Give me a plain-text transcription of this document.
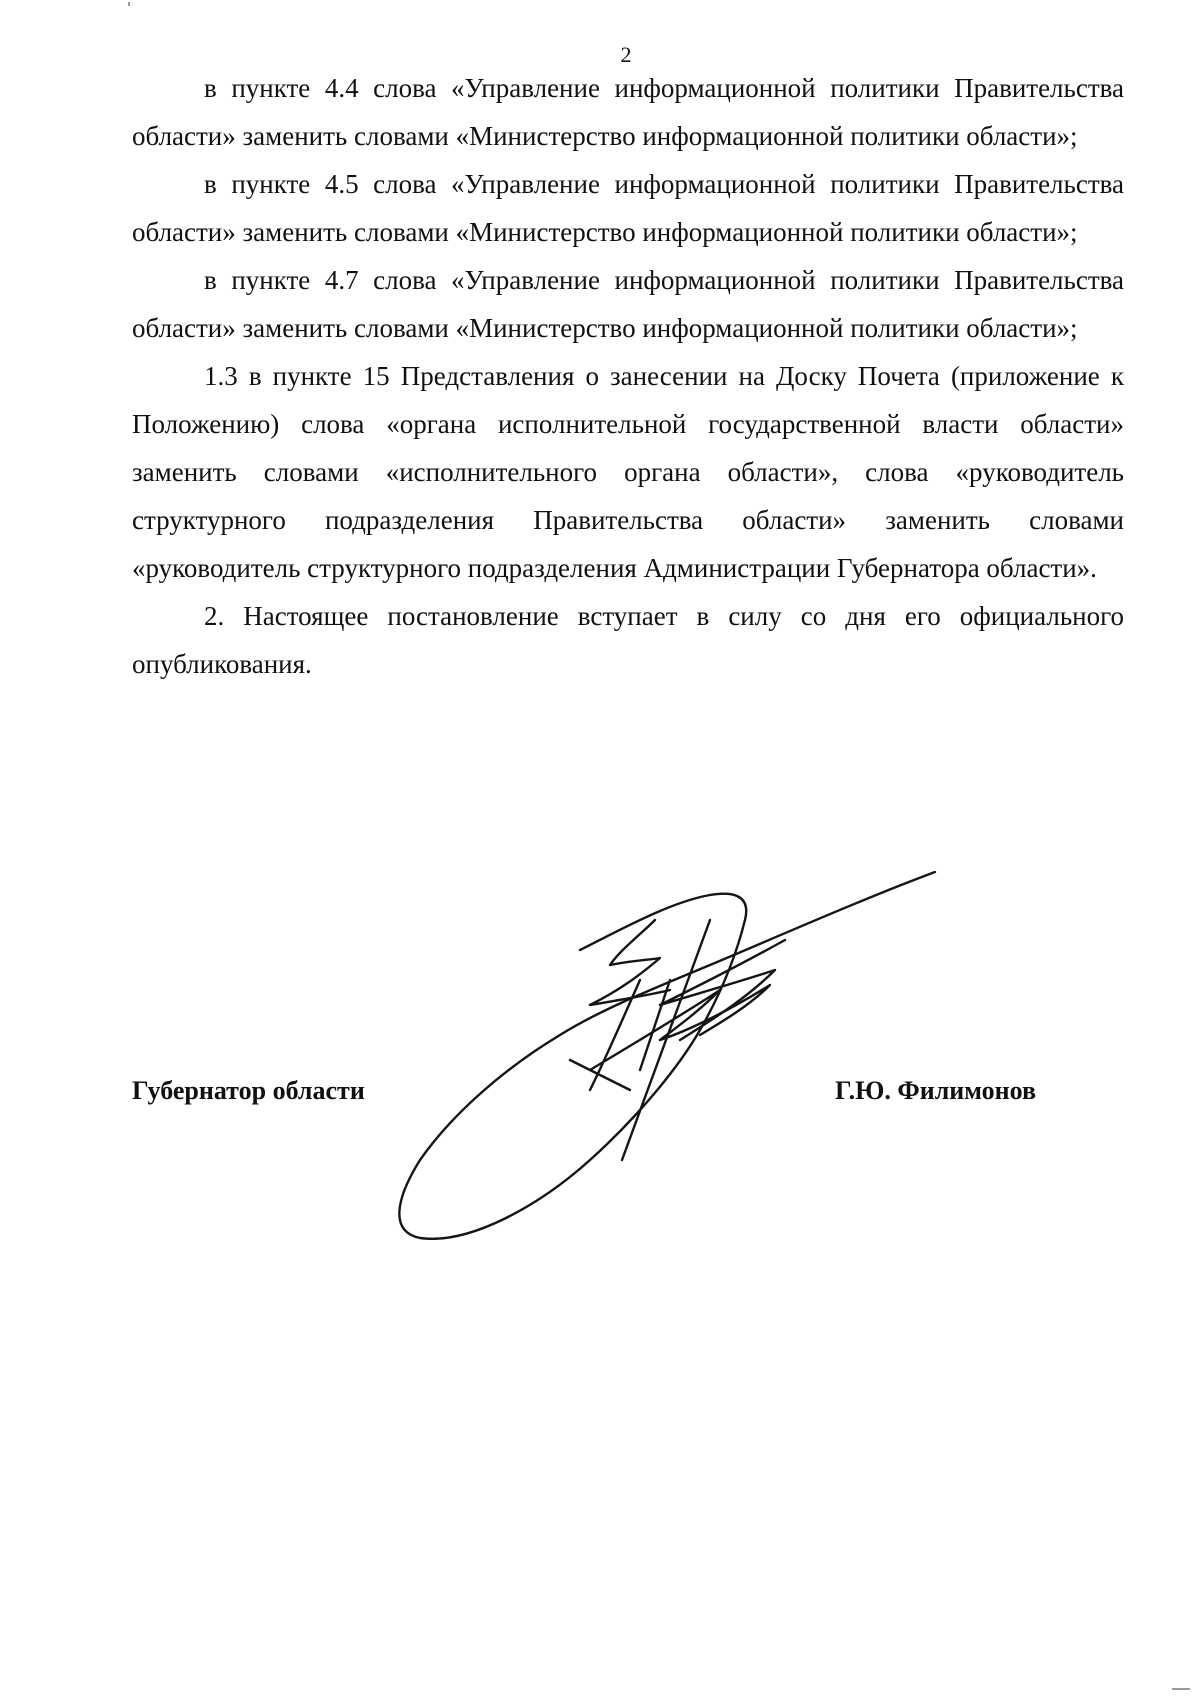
2

в пункте 4.4 слова «Управление информационной политики Правительства области» заменить словами «Министерство информационной политики области»;

в пункте 4.5 слова «Управление информационной политики Правительства области» заменить словами «Министерство информационной политики области»;

в пункте 4.7 слова «Управление информационной политики Правительства области» заменить словами «Министерство информационной политики области»;

1.3 в пункте 15 Представления о занесении на Доску Почета (приложение к Положению) слова «органа исполнительной государственной власти области» заменить словами «исполнительного органа области», слова «руководитель структурного подразделения Правительства области» заменить словами «руководитель структурного подразделения Администрации Губернатора области».

2. Настоящее постановление вступает в силу со дня его официального опубликования.

Губернатор области	Г.Ю. Филимонов
